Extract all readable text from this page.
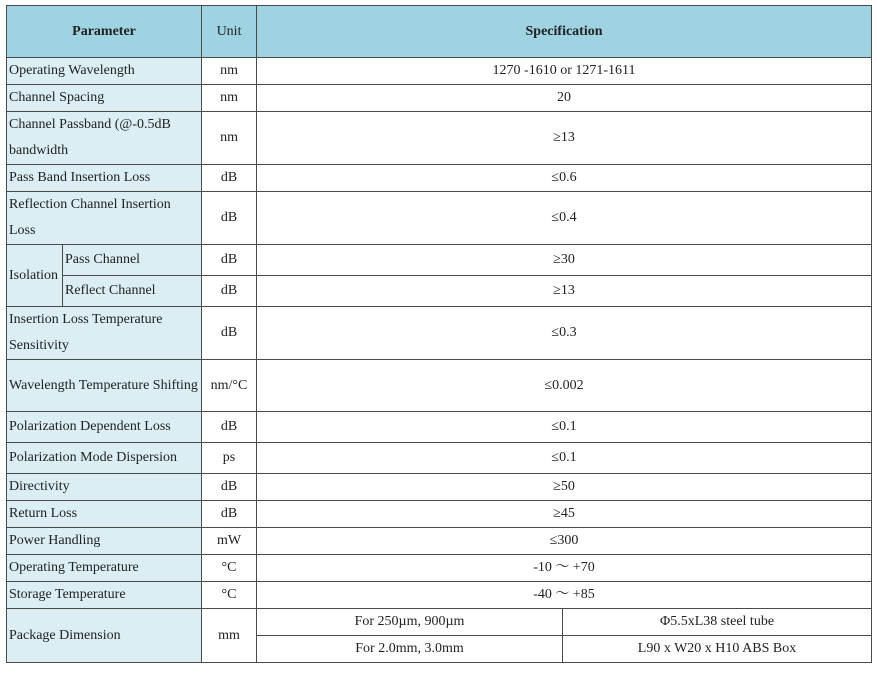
Parameter		Unit	Specification	
Operating Wavelength		nm	1270 -1610 or 1271-1611	
Channel Spacing		nm	20	
Channel Passband (@-0.5dB bandwidth		nm	≥13	
Pass Band Insertion Loss		dB	≤0.6	
Reflection Channel Insertion Loss		dB	≤0.4	
Isolation	Pass Channel	dB	≥30	
	Reflect Channel	dB	≥13	
Insertion Loss Temperature Sensitivity		dB	≤0.3	
Wavelength Temperature Shifting		nm/°C	≤0.002	
Polarization Dependent Loss		dB	≤0.1	
Polarization Mode Dispersion		ps	≤0.1	
Directivity		dB	≥50	
Return Loss		dB	≥45	
Power Handling		mW	≤300	
Operating Temperature		°C	-10 ～ +70	
Storage Temperature		°C	-40 ～ +85	
Package Dimension		mm	For 250µm, 900µm	Φ5.5xL38 steel tube
			For 2.0mm, 3.0mm	L90 x W20 x H10 ABS Box
